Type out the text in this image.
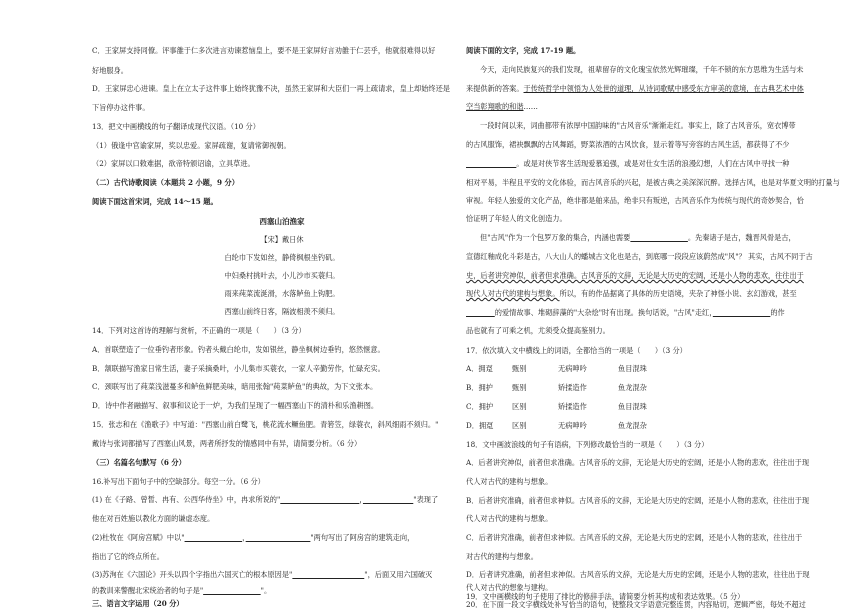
C．王家屏支持同僚。评事雒于仁多次进言劝谏惹恼皇上，要不是王家屏好言劝雒于仁芸乎，他就很难得以好
好地服身。
D．王家屏忠心进谏。皇上在立太子这件事上始终犹豫不决，虽然王家屏和大臣们一再上疏请求，皇上却始终还是
下旨停办这件事。
13．把文中画横线的句子翻译成现代汉语。（10 分）
（1）俄逢中官谕家屏，奖以忠爱。家屏疏谢，复请常御视朝。
（2）家屏以口敕难据，欲帝特颁诏谕，立具草进。
（二）古代诗歌阅读（本题共 2 小题，9 分）
阅读下面这首宋词，完成 14～15 题。
西塞山泊渔家
【宋】戴日休
白纶巾下发如丝，静倚枫根坐钓矶。
中妇桑村挑叶去，小儿沙市买蓑归。
雨来莼菜流涎滑，水落鲈鱼上钩肥。
西塞山前终日客，隔波相羡不须归。
14．下列对这首诗的理解与赏析，不正确的一项是（　　）（3 分）
A．首联塑造了一位垂钓者形象。钓者头戴白纶巾，发如银丝，静坐枫树边垂钓，悠然惬意。
B．颔联描写渔家日常生活，妻子采摘桑叶，小儿集市买蓑衣，一家人辛勤劳作，忙碌充实。
C．颈联写出了莼菜浅滋蔓多和鲈鱼鲜肥美味，暗用张翰"莼菜鲈鱼"的典故，为下文张本。
D．诗中作者融描写、叙事和议论于一炉，为我们呈现了一幅西塞山下的清朴和乐渔耕图。
15．张志和在《渔歌子》中写道："西塞山前白鹭飞，桃花流水鳜鱼肥。青箬笠，绿蓑衣，斜风细雨不须归。"
戴诗与张词都描写了西塞山风景，两者所抒发的情感同中有异，请简要分析。（6 分）
（三）名篇名句默写（6 分）
16.补写出下面句子中的空缺部分。每空一分。（6 分）
(1) 在《子路、曾皙、冉有、公西华侍坐》中，冉求所说的"　　　　　　　　　　　	，　　　　　　　	"表现了
他在对百姓施以教化方面的谦虚态度。
(2)杜牧在《阿房宫赋》中以"　　　　　　　　	，　　　　　　　　　	"两句写出了阿房宫的建筑走向，
指出了它的终点所在。
(3)苏洵在《六国论》开头以四个字指出六国灭亡的根本原因是"　　　　　　　　　　	"，后面又用六国破灭
的教训来警醒北宋统治者的句子是"　　　　　　　　	"。
三、语言文字运用（20 分）
阅读下面的文字，完成 17-19 题。
今天，走向民族复兴的我们发现，祖辈留存的文化瑰宝依然光辉璀璨，千年不锁的东方思维为生活与未
来提供新的答案。于传统哲学中领悟为人处世的道理，从诗词歌赋中感受东方审美的意境，在古典艺术中体
空当彰翔歌的和谐……
一段时间以来，词曲都带有浓厚中国韵味的"古风音乐"渐渐走红。事实上，除了古风音乐，宽衣博带
的古风服饰，裙袂飘飘的古风舞蹈，野菜浓酒的古风饮食，显示着等写旁容的古风生活，都获得了不少
　　　　　　　。或是对侠节客生活现爱慕追强，或是对仕女生活的浪漫幻想，人们在古风中寻找一种
相对平易，半程且平安的文化体验，而古风音乐的兴起，是被古典之美深深沉醉。选择古风，也是对华夏文明的打量与
审视。年轻人独爱的文化产品，绝非都是舶来品，绝非只有叛逆，古风音乐作为传统与现代的奇妙契合，恰
恰证明了年轻人的文化创造力。
但"古风"作为一个包罗万象的集合，内涵也需要　　　　　　　　	。先秦诸子是古，魏晋风骨是古，
宣德红釉成化斗彩是古，八大山人的蟠城古文化也是古，到底哪一段段应该蔚然成"风"？ 其实，古风不同于古
史，后者讲究神似，前者但求准确。古风音乐的文辞，无论是大历史的宏阔，还是小人物的悲欢，往往出于
现代人对古代的建构与想象。所以，有的作品据离了具体的历史语境，夹杂了神怪小说、玄幻游戏，甚至
　　　　的爱情故事、堆砌辞藻的"大杂烩"时有出现。换句话说，"古风"走红，　　　　　　　　	的作
品也就有了可乘之机，尤须受众提高鉴别力。
17．依次填入文中横线上的词语，全都恰当的一项是（　　）（3 分）
A．拥趸	甄别	无病呻吟	鱼目混珠
B．拥护	甄别	矫揉造作	鱼龙混杂
C．拥护	区别	矫揉造作	鱼目混珠
D．拥趸	区别	无病呻吟	鱼龙混杂
18．文中画波浪线的句子有语病，下列修改最恰当的一项是（　　）（3 分）
A．后者讲究神似，前者但求准确。古风音乐的文辞，无论是大历史的宏阔，还是小人物的悲欢，往往出于现
代人对古代的建构与想象。
B．后者讲究准确，前者但求神似。古风音乐的文辞，无论是大历史的宏阔，还是小人物的悲欢，往往出于现
代人对古代的建构与想象。
C．后者讲究准确，前者但求神似。古风音乐的文辞，无论是大历史的宏阔，还是小人物的悲欢，往往出于
对古代的建构与想象。
D．后者讲究准确，前者但求神似。古风音乐的文辞，无论是大历史的宏阔，还是小人物的悲欢，往往出于现
代人对古代的想象与建构。
19．文中画横线的句子使用了排比的修辞手法，请简要分析其构成和表达效果。（5 分）
20．在下面一段文字横线处补写恰当的语句，使整段文字语意完整连贯，内容贴切，逻辑严密，每处不超过
